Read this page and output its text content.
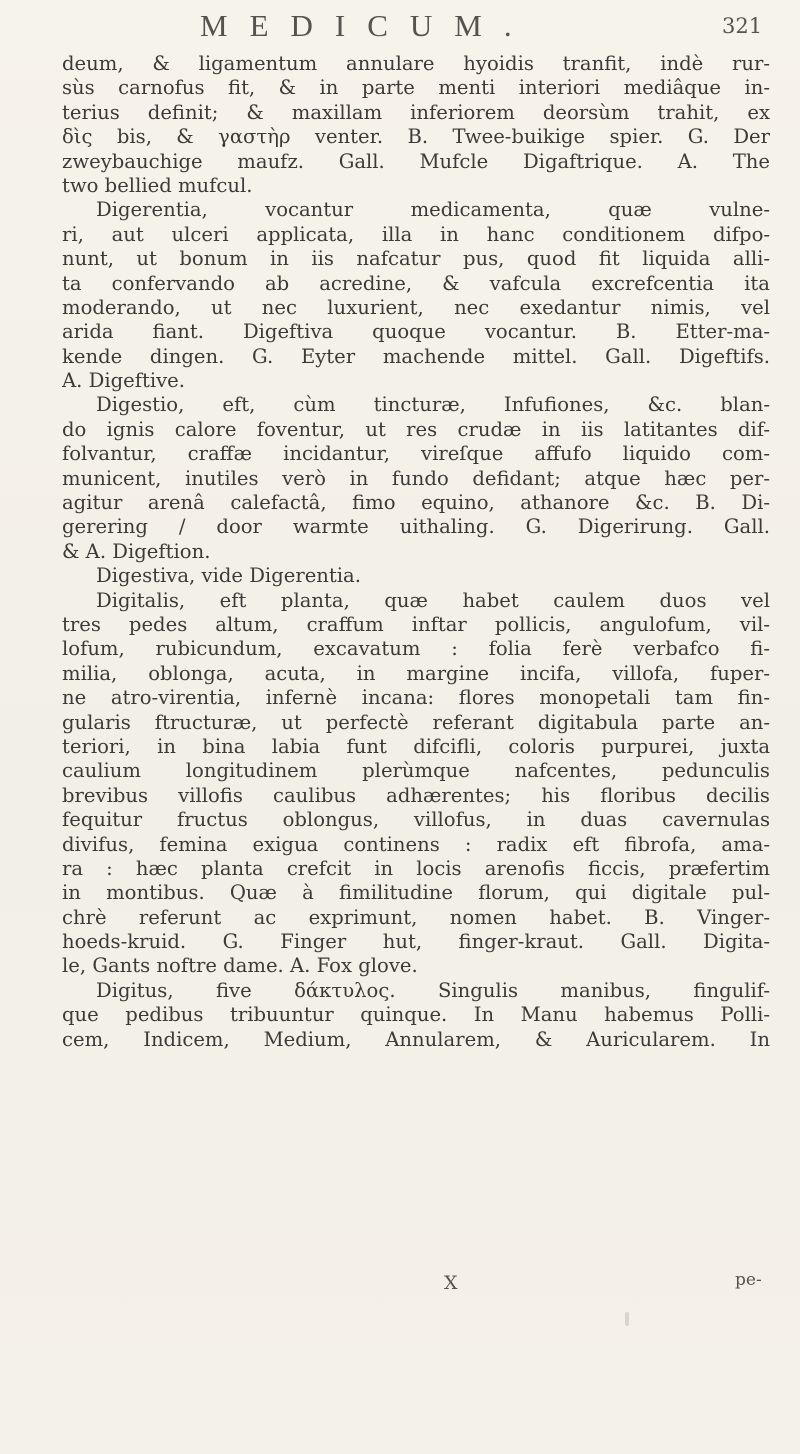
MEDICUM.	321

deum, & ligamentum annulare hyoidis tranfit, indè rur-
sùs carnofus fit, & in parte menti interiori mediâque in-
terius definit; & maxillam inferiorem deorsùm trahit, ex
δὶς bis, & γαστὴρ venter. B. Twee-buikige spier. G. Der
zweybauchige maufz. Gall. Mufcle Digaftrique. A. The
two bellied mufcul.
Digerentia, vocantur medicamenta, quæ vulne-
ri, aut ulceri applicata, illa in hanc conditionem difpo-
nunt, ut bonum in iis nafcatur pus, quod fit liquida alli-
ta confervando ab acredine, & vafcula excrefcentia ita
moderando, ut nec luxurient, nec exedantur nimis, vel
arida fiant. Digeftiva quoque vocantur. B. Etter-ma-
kende dingen. G. Eyter machende mittel. Gall. Digeftifs.
A. Digeftive.
Digestio, eft, cùm tincturæ, Infufiones, &c. blan-
do ignis calore foventur, ut res crudæ in iis latitantes dif-
folvantur, craffæ incidantur, vireſque affufo liquido com-
municent, inutiles verò in fundo defidant; atque hæc per-
agitur arenâ calefactâ, fimo equino, athanore &c. B. Di-
gerering / door warmte uithaling. G. Digerirung. Gall.
& A. Digeftion.
Digestiva, vide Digerentia.
Digitalis, eft planta, quæ habet caulem duos vel
tres pedes altum, craffum inftar pollicis, angulofum, vil-
lofum, rubicundum, excavatum : folia ferè verbafco fi-
milia, oblonga, acuta, in margine incifa, villofa, fuper-
ne atro-virentia, infernè incana: flores monopetali tam fin-
gularis ftructuræ, ut perfectè referant digitabula parte an-
teriori, in bina labia funt difcifli, coloris purpurei, juxta
caulium longitudinem plerùmque nafcentes, pedunculis
brevibus villofis caulibus adhærentes; his floribus decilis
fequitur fructus oblongus, villofus, in duas cavernulas
divifus, femina exigua continens : radix eft fibrofa, ama-
ra : hæc planta crefcit in locis arenofis ficcis, præfertim
in montibus. Quæ à fimilitudine florum, qui digitale pul-
chrè referunt ac exprimunt, nomen habet. B. Vinger-
hoeds-kruid. G. Finger hut, finger-kraut. Gall. Digita-
le, Gants noftre dame. A. Fox glove.
Digitus, five δάκτυλος. Singulis manibus, fingulif-
que pedibus tribuuntur quinque. In Manu habemus Polli-
cem, Indicem, Medium, Annularem, & Auricularem. In

X	pe-
